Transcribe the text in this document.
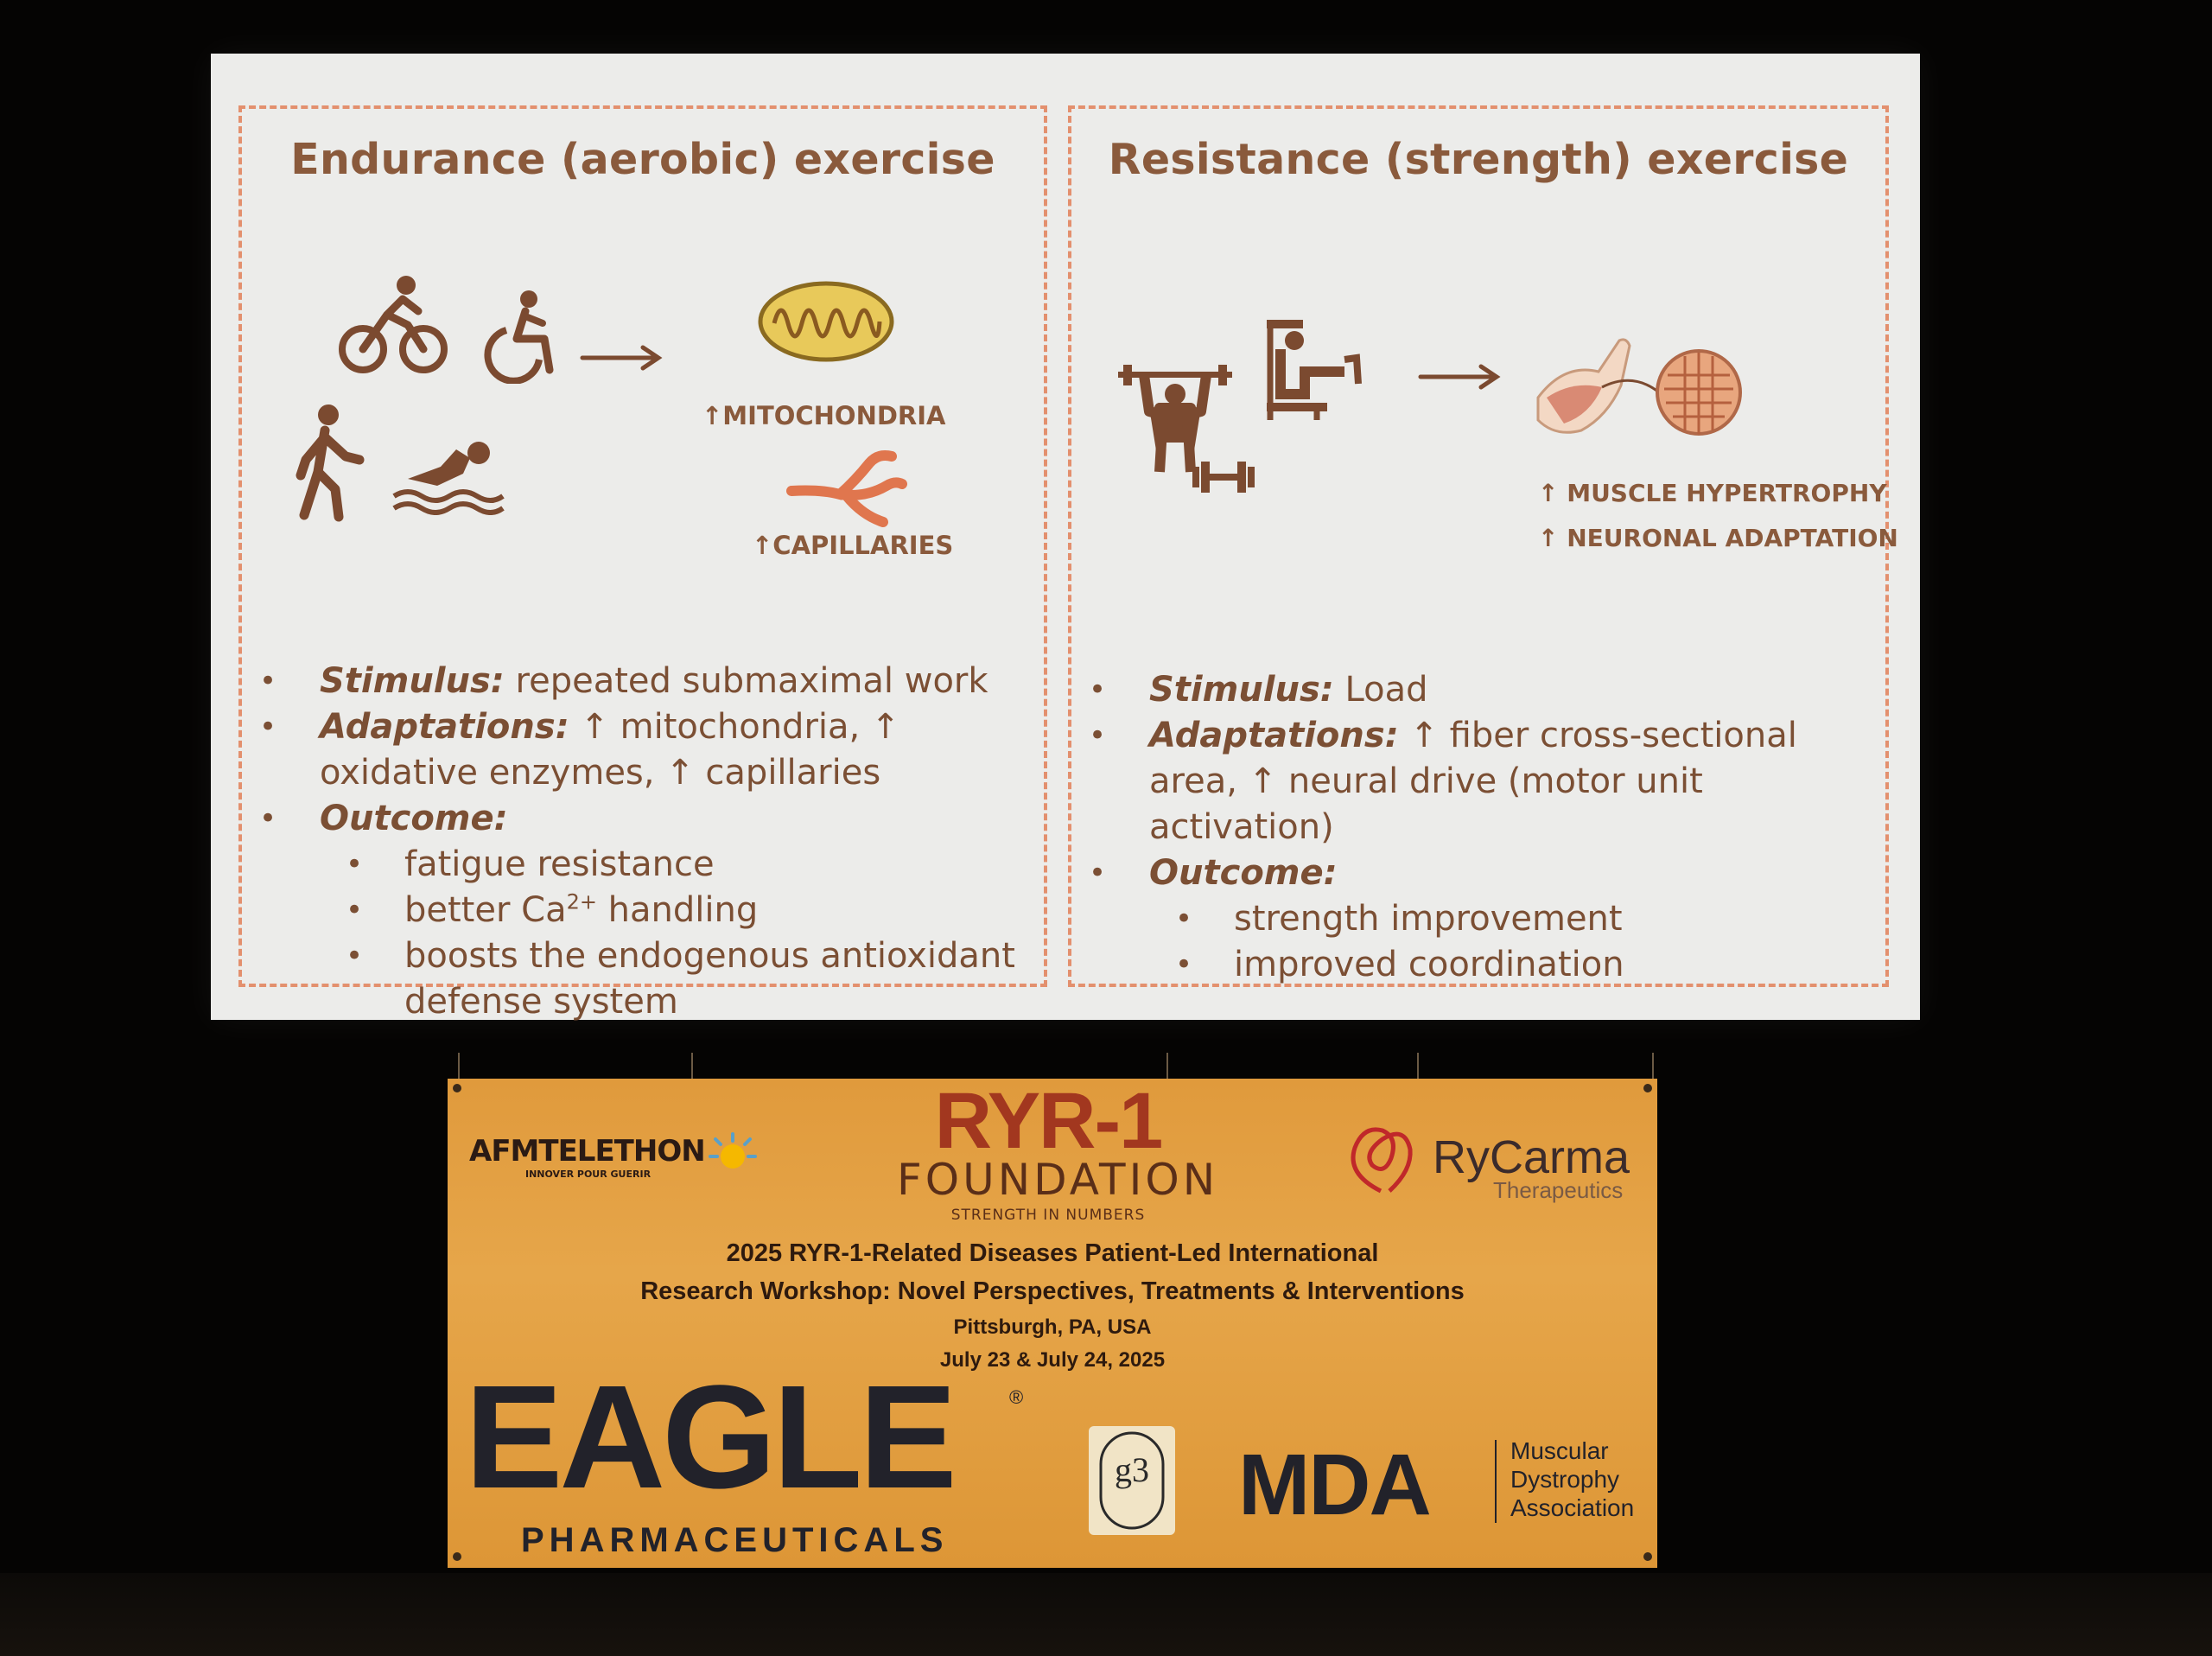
Endurance (aerobic) exercise
↑MITOCHONDRIA
↑CAPILLARIES
• Stimulus: repeated submaximal work
• Adaptations: ↑ mitochondria, ↑ oxidative enzymes, ↑ capillaries
• Outcome:
• fatigue resistance
• better $Ca^{2+}$ handling
• boosts the endogenous antioxidant defense system
Resistance (strength) exercise
↑ MUSCLE HYPERTROPHY
↑ NEURONAL ADAPTATION
• Stimulus: Load
• Adaptations: ↑ fiber cross-sectional area, ↑ neural drive (motor unit activation)
• Outcome:
• strength improvement
• improved coordination
AFMTELETHON
INNOVER POUR GUERIR
RYR-1
FOUNDATION
STRENGTH IN NUMBERS
RyCarma
Therapeutics
2025 RYR-1-Related Diseases Patient-Led International
Research Workshop: Novel Perspectives, Treatments & Interventions
Pittsburgh, PA, USA
July 23 & July 24, 2025
EAGLE	®
PHARMACEUTICALS
g3 MDA	Muscular
Dystrophy
Association
